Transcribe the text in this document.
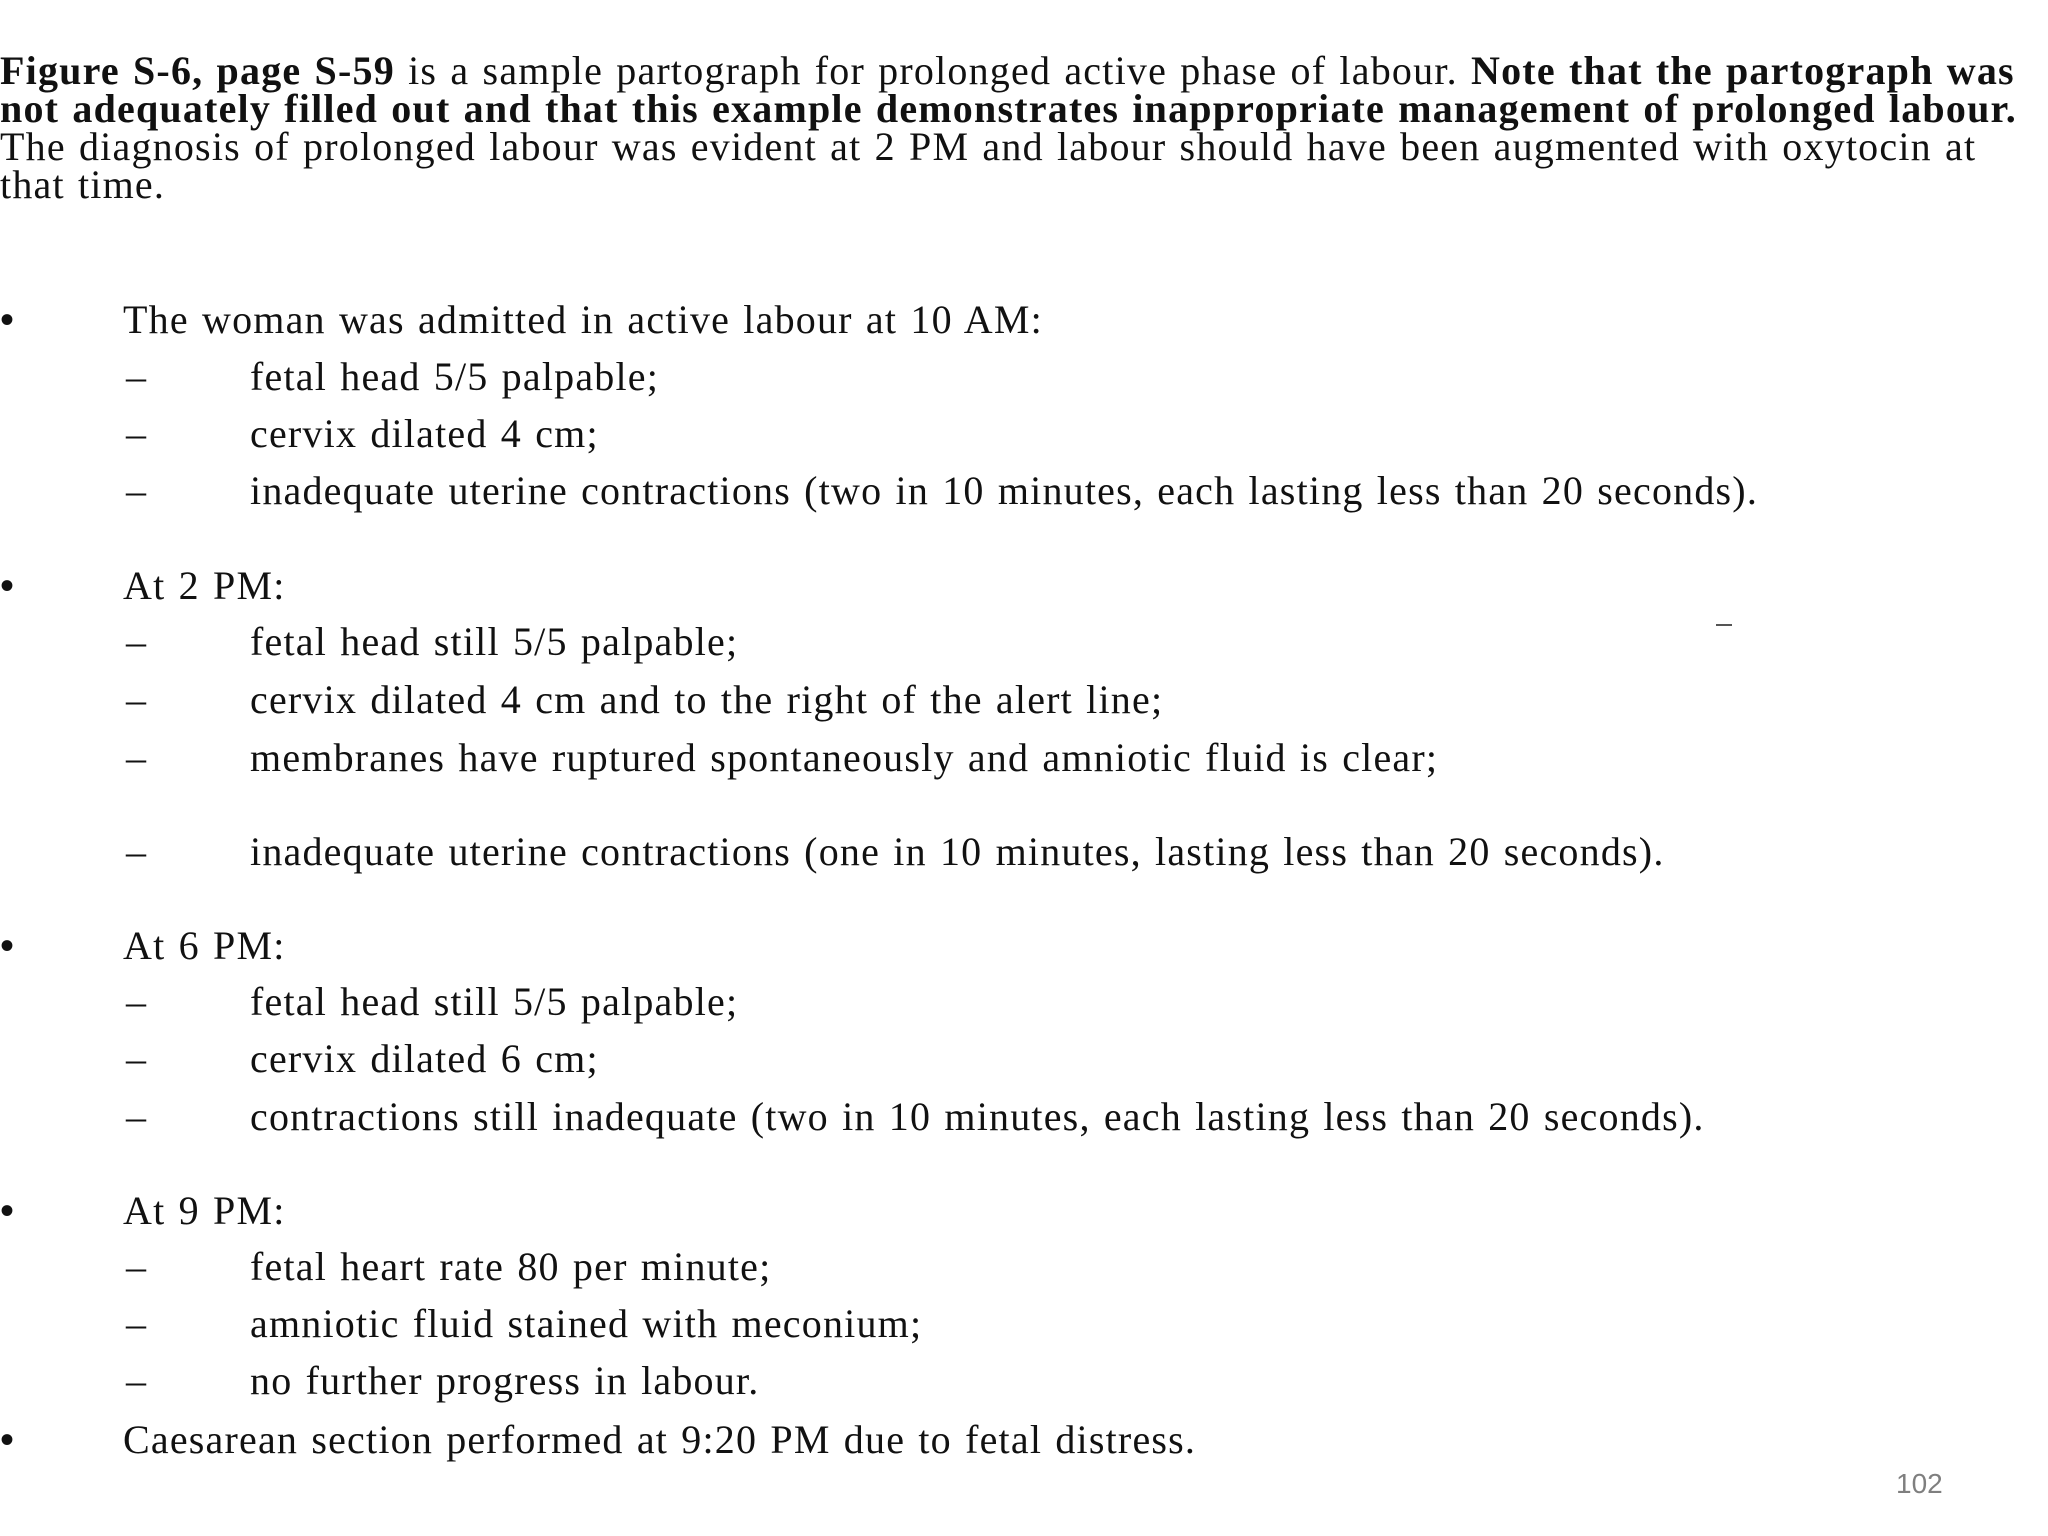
Figure S-6, page S-59 is a sample partograph for prolonged active phase of labour. Note that the partograph was not adequately filled out and that this example demonstrates inappropriate management of prolonged labour. The diagnosis of prolonged labour was evident at 2 PM and labour should have been augmented with oxytocin at that time.

•	The woman was admitted in active labour at 10 AM:
–	fetal head 5/5 palpable;
–	cervix dilated 4 cm;
–	inadequate uterine contractions (two in 10 minutes, each lasting less than 20 seconds).
•	At 2 PM:
–	fetal head still 5/5 palpable;
–	cervix dilated 4 cm and to the right of the alert line;
–	membranes have ruptured spontaneously and amniotic fluid is clear;
–	inadequate uterine contractions (one in 10 minutes, lasting less than 20 seconds).
•	At 6 PM:
–	fetal head still 5/5 palpable;
–	cervix dilated 6 cm;
–	contractions still inadequate (two in 10 minutes, each lasting less than 20 seconds).
•	At 9 PM:
–	fetal heart rate 80 per minute;
–	amniotic fluid stained with meconium;
–	no further progress in labour.
•	Caesarean section performed at 9:20 PM due to fetal distress.
102
